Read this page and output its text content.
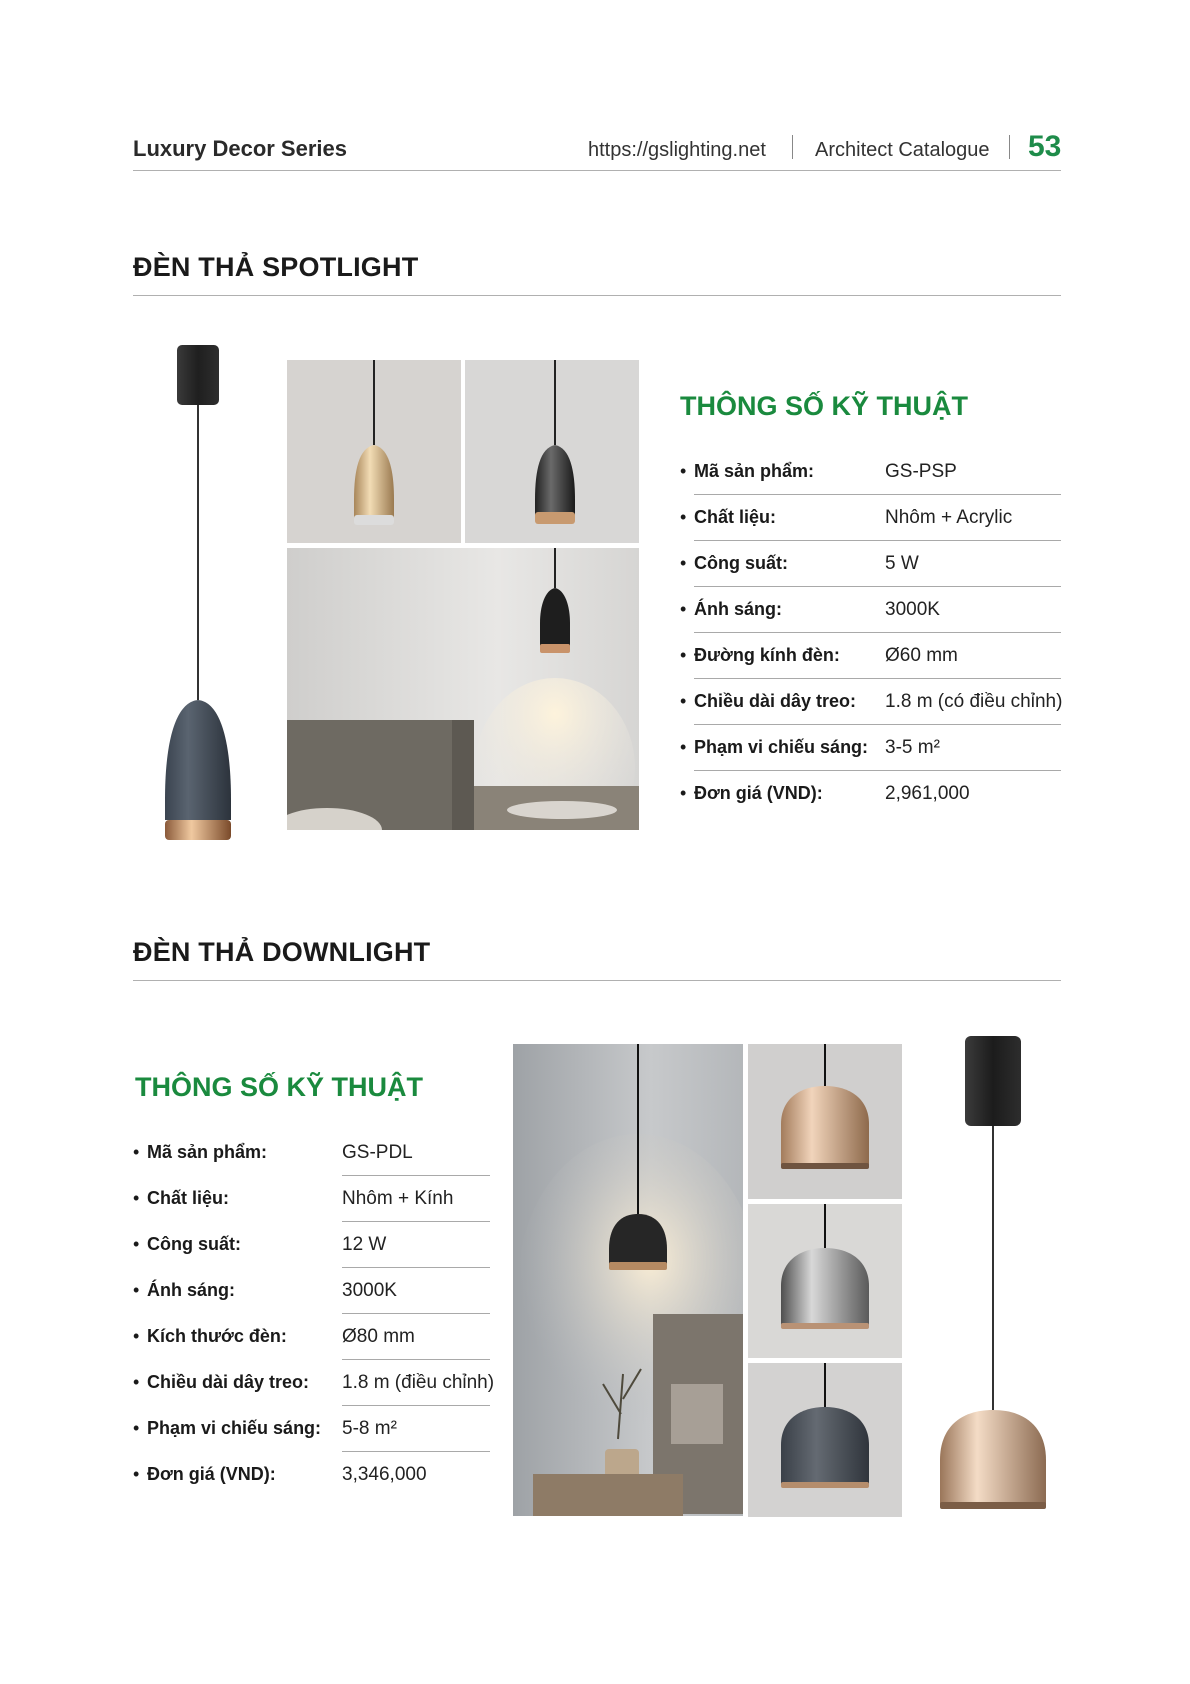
Luxury Decor Series	https://gslighting.net Architect Catalogue 53
ĐÈN THẢ SPOTLIGHT
THÔNG SỐ KỸ THUẬT
• Mã sản phẩm:	GS-PSP
• Chất liệu:	Nhôm + Acrylic
• Công suất:	5 W
• Ánh sáng:	3000K
• Đường kính đèn: Ø60 mm
• Chiều dài dây treo: 1.8 m (có điều chỉnh)
• Phạm vi chiếu sáng: 3-5 m²
• Đơn giá (VND):	2,961,000
ĐÈN THẢ DOWNLIGHT
THÔNG SỐ KỸ THUẬT
• Mã sản phẩm:	GS-PDL
• Chất liệu:	Nhôm + Kính
• Công suất:	12 W
• Ánh sáng:	3000K
• Kích thước đèn:	Ø80 mm
• Chiều dài dây treo: 1.8 m (điều chỉnh)
• Phạm vi chiếu sáng: 5-8 m²
• Đơn giá (VND):	3,346,000
